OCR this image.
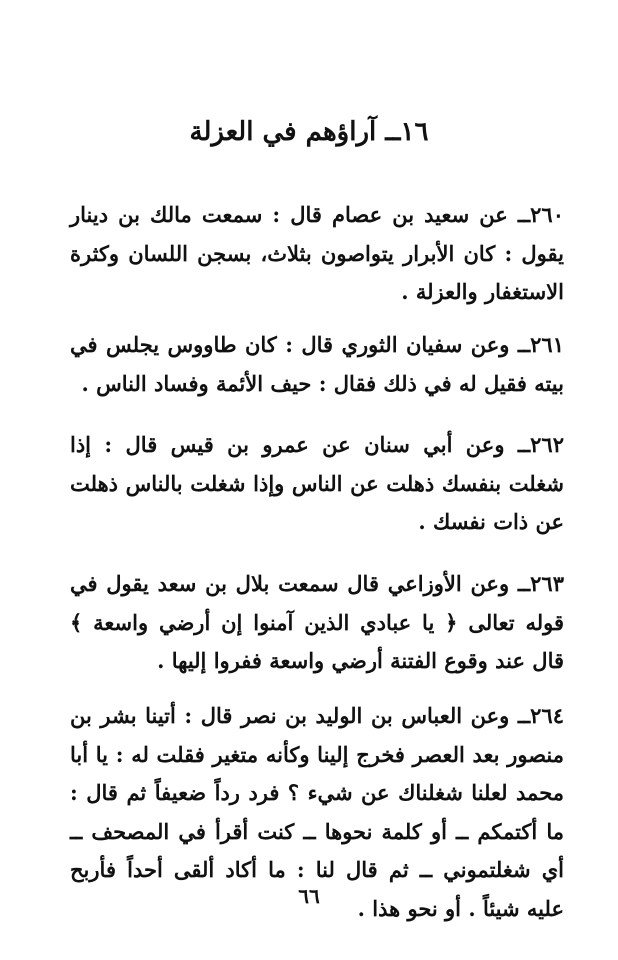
١٦ــ آراؤهم في العزلة

٢٦٠ــ عن سعيد بن عصام قال : سمعت مالك بن دينار يقول : كان الأبرار يتواصون بثلاث، بسجن اللسان وكثرة الاستغفار والعزلة .

٢٦١ــ وعن سفيان الثوري قال : كان طاووس يجلس في بيته فقيل له في ذلك فقال : حيف الأئمة وفساد الناس .

٢٦٢ــ وعن أبي سنان عن عمرو بن قيس قال : إذا شغلت بنفسك ذهلت عن الناس وإذا شغلت بالناس ذهلت عن ذات نفسك .

٢٦٣ــ وعن الأوزاعي قال سمعت بلال بن سعد يقول في قوله تعالى ﴿ يا عبادي الذين آمنوا إن أرضي واسعة ﴾ قال عند وقوع الفتنة أرضي واسعة ففروا إليها .

٢٦٤ــ وعن العباس بن الوليد بن نصر قال : أتينا بشر بن منصور بعد العصر فخرج إلينا وكأنه متغير فقلت له : يا أبا محمد لعلنا شغلناك عن شيء ؟ فرد رداً ضعيفاً ثم قال : ما أكتمكم ــ أو كلمة نحوها ــ كنت أقرأ في المصحف ــ أي شغلتموني ــ ثم قال لنا : ما أكاد ألقى أحداً فأربح عليه شيئاً . أو نحو هذا .

٦٦
